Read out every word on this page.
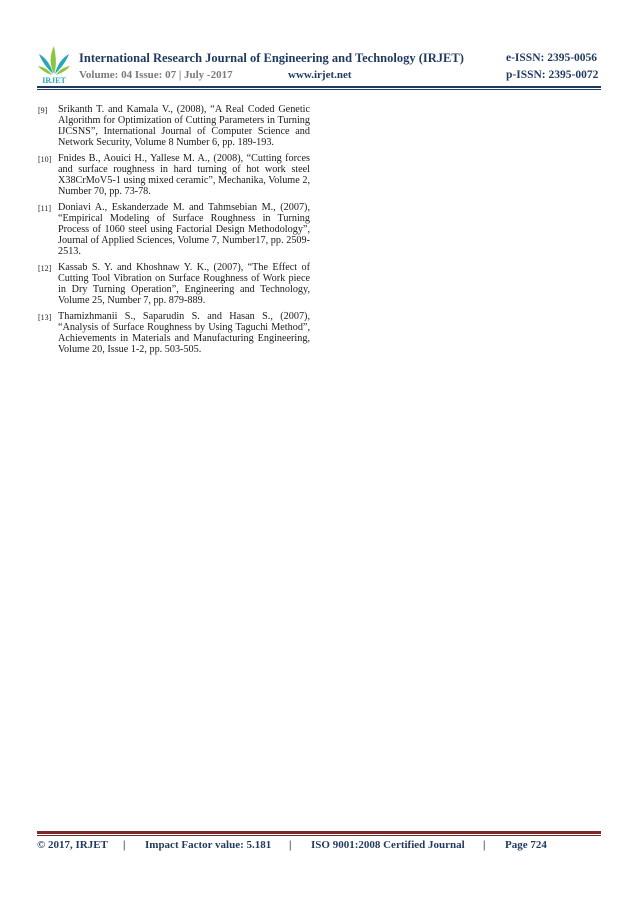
IRJET
International Research Journal of Engineering and Technology (IRJET)	e-ISSN: 2395-0056
Volume: 04 Issue: 07 | July -2017	www.irjet.net	p-ISSN: 2395-0072
[9]	Srikanth T. and Kamala V., (2008), “A Real Coded Genetic Algorithm for Optimization of Cutting Parameters in Turning IJCSNS”, International Journal of Computer Science and Network Security, Volume 8 Number 6, pp. 189-193.
[10] Fnides B., Aouici H., Yallese M. A., (2008), “Cutting forces and surface roughness in hard turning of hot work steel X38CrMoV5-1 using mixed ceramic”, Mechanika, Volume 2, Number 70, pp. 73-78.
[11] Doniavi A., Eskanderzade M. and Tahmsebian M., (2007), “Empirical Modeling of Surface Roughness in Turning Process of 1060 steel using Factorial Design Methodology”, Journal of Applied Sciences, Volume 7, Number17, pp. 2509-2513.
[12] Kassab S. Y. and Khoshnaw Y. K., (2007), “The Effect of Cutting Tool Vibration on Surface Roughness of Work piece in Dry Turning Operation”, Engineering and Technology, Volume 25, Number 7, pp. 879-889.
[13] Thamizhmanii S., Saparudin S. and Hasan S., (2007), “Analysis of Surface Roughness by Using Taguchi Method”, Achievements in Materials and Manufacturing Engineering, Volume 20, Issue 1-2, pp. 503-505.
© 2017, IRJET | Impact Factor value: 5.181 | ISO 9001:2008 Certified Journal | Page 724
